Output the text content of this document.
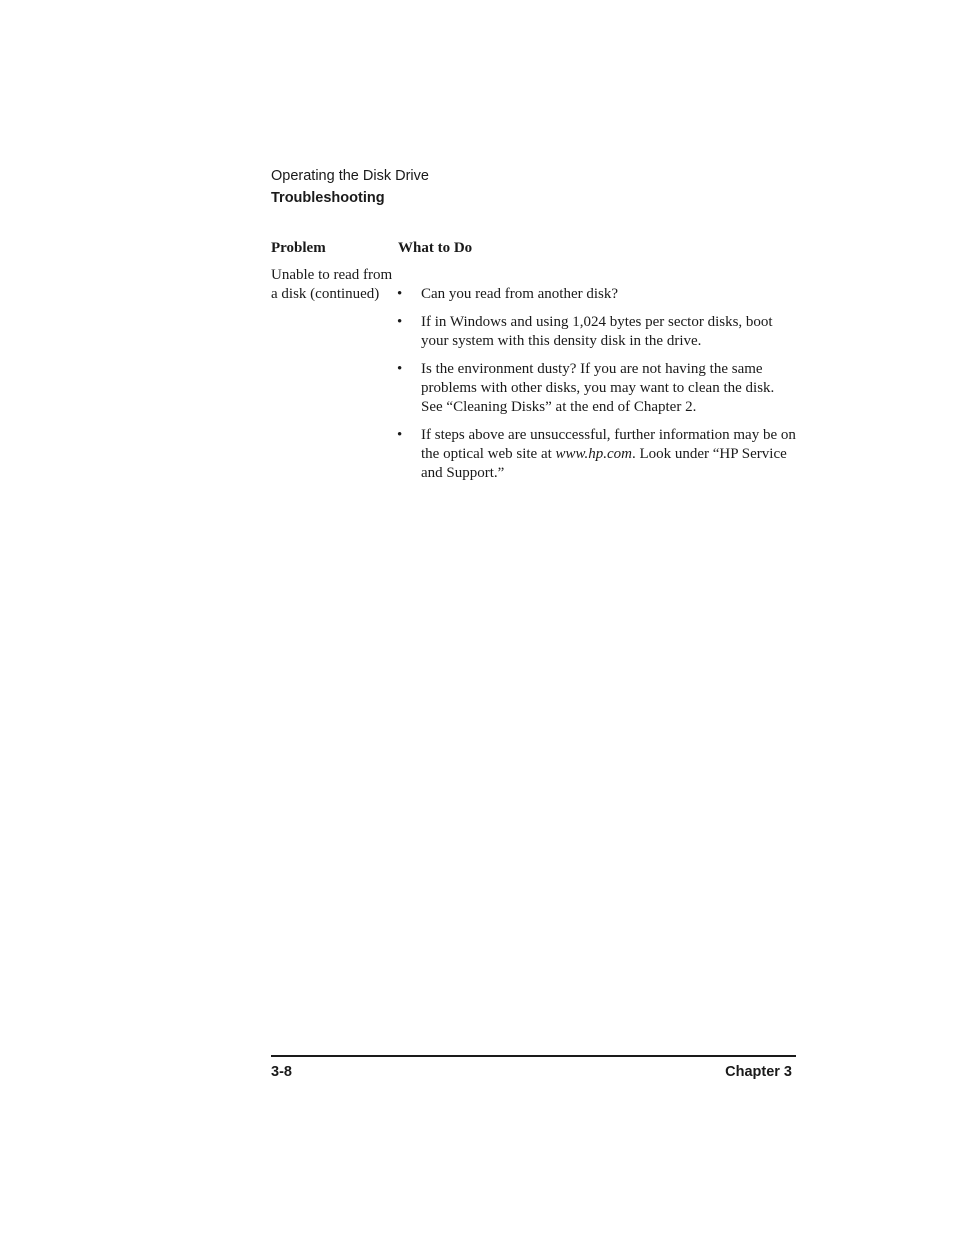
Operating the Disk Drive
Troubleshooting
Problem	What to Do
Unable to read from a disk (continued)	• Can you read from another disk?
• If in Windows and using 1,024 bytes per sector disks, boot your system with this density disk in the drive.
• Is the environment dusty? If you are not having the same problems with other disks, you may want to clean the disk. See “Cleaning Disks” at the end of Chapter 2.
• If steps above are unsuccessful, further information may be on the optical web site at www.hp.com. Look under “HP Service and Support.”
3-8	Chapter 3
